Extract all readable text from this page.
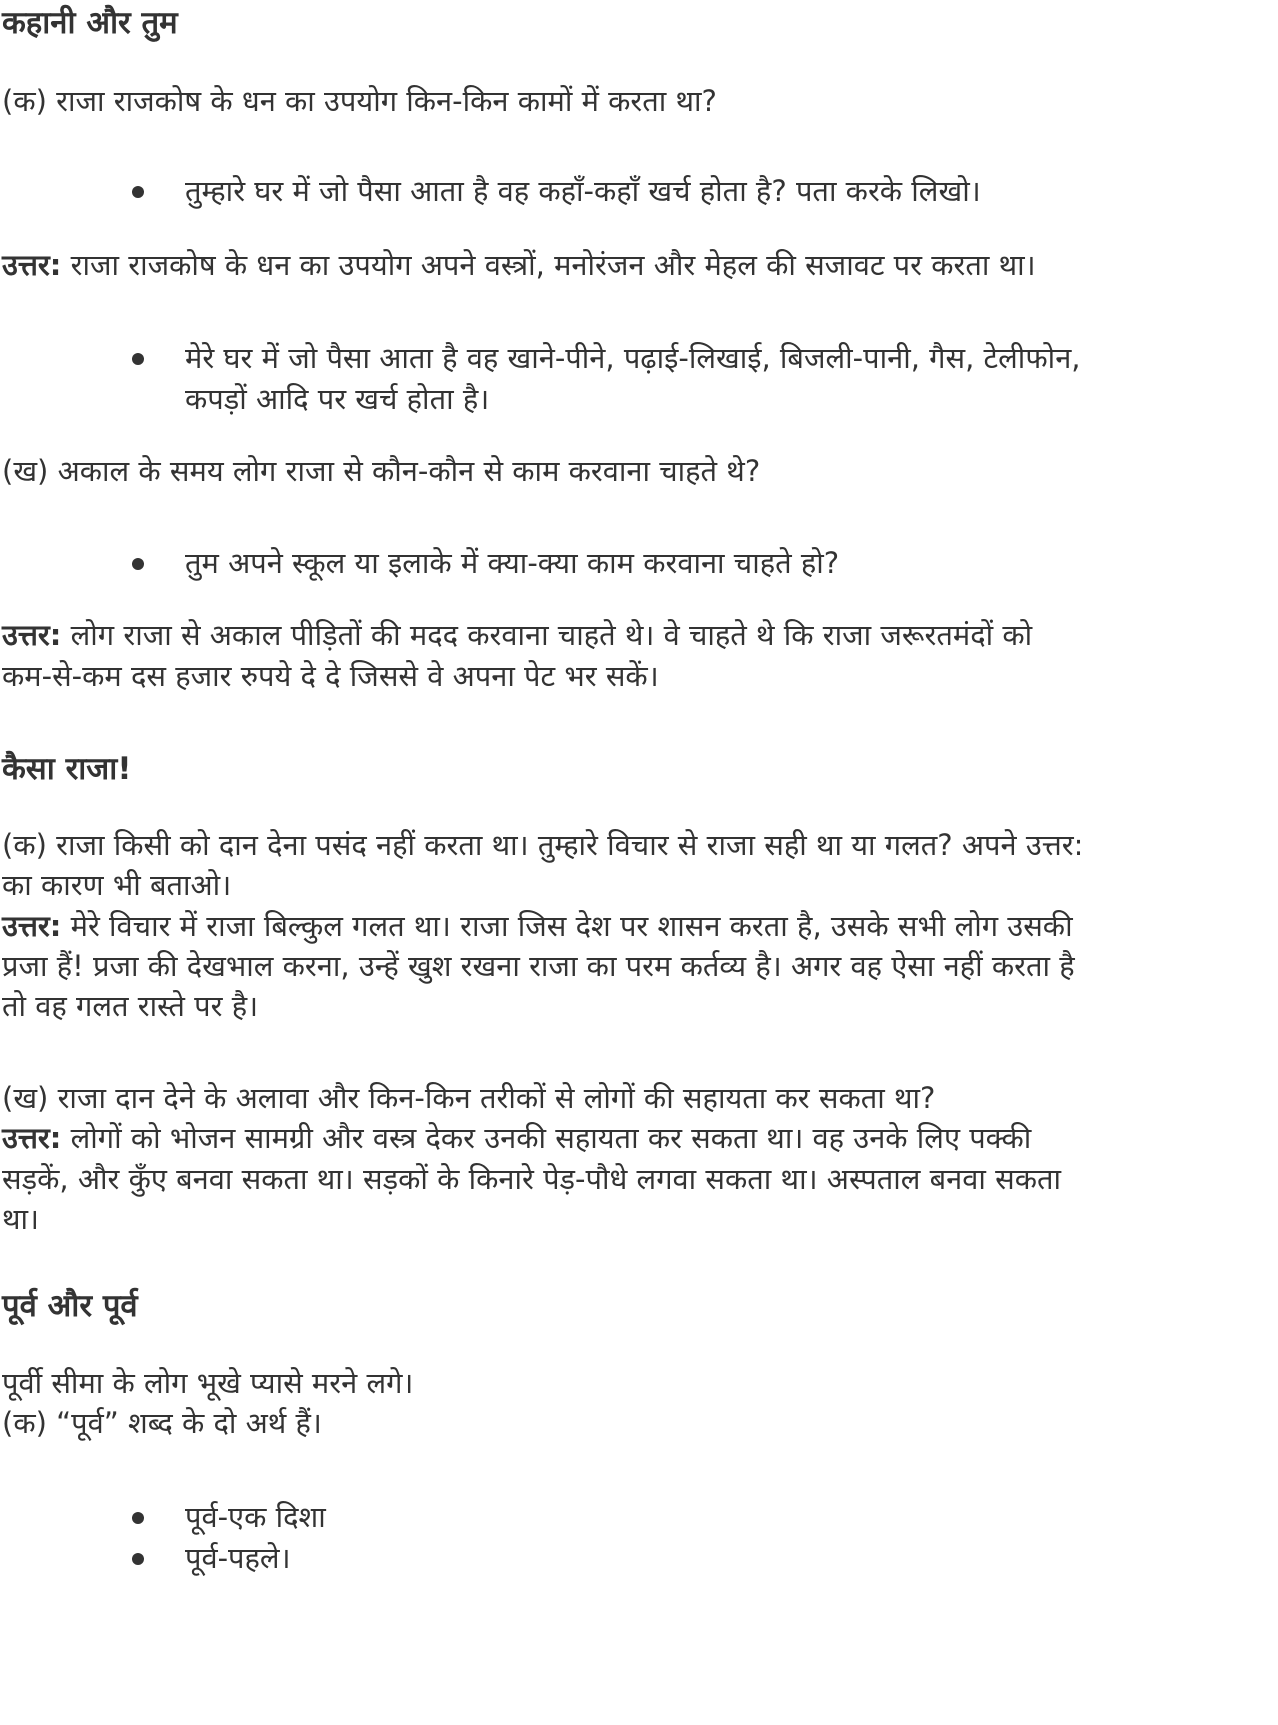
कहानी और तुम
(क) राजा राजकोष के धन का उपयोग किन-किन कामों में करता था?
तुम्हारे घर में जो पैसा आता है वह कहाँ-कहाँ खर्च होता है? पता करके लिखो।
उत्तर: राजा राजकोष के धन का उपयोग अपने वस्त्रों, मनोरंजन और मेहल की सजावट पर करता था।
मेरे घर में जो पैसा आता है वह खाने-पीने, पढ़ाई-लिखाई, बिजली-पानी, गैस, टेलीफोन,
कपड़ों आदि पर खर्च होता है।
(ख) अकाल के समय लोग राजा से कौन-कौन से काम करवाना चाहते थे?
तुम अपने स्कूल या इलाके में क्या-क्या काम करवाना चाहते हो?
उत्तर: लोग राजा से अकाल पीड़ितों की मदद करवाना चाहते थे। वे चाहते थे कि राजा जरूरतमंदों को
कम-से-कम दस हजार रुपये दे दे जिससे वे अपना पेट भर सकें।
कैसा राजा!
(क) राजा किसी को दान देना पसंद नहीं करता था। तुम्हारे विचार से राजा सही था या गलत? अपने उत्तर:
का कारण भी बताओ।
उत्तर: मेरे विचार में राजा बिल्कुल गलत था। राजा जिस देश पर शासन करता है, उसके सभी लोग उसकी
प्रजा हैं! प्रजा की देखभाल करना, उन्हें खुश रखना राजा का परम कर्तव्य है। अगर वह ऐसा नहीं करता है
तो वह गलत रास्ते पर है।
(ख) राजा दान देने के अलावा और किन-किन तरीकों से लोगों की सहायता कर सकता था?
उत्तर: लोगों को भोजन सामग्री और वस्त्र देकर उनकी सहायता कर सकता था। वह उनके लिए पक्की
सड़कें, और कुँए बनवा सकता था। सड़कों के किनारे पेड़-पौधे लगवा सकता था। अस्पताल बनवा सकता
था।
पूर्व और पूर्व
पूर्वी सीमा के लोग भूखे प्यासे मरने लगे।
(क) “पूर्व” शब्द के दो अर्थ हैं।
पूर्व-एक दिशा
पूर्व-पहले।
